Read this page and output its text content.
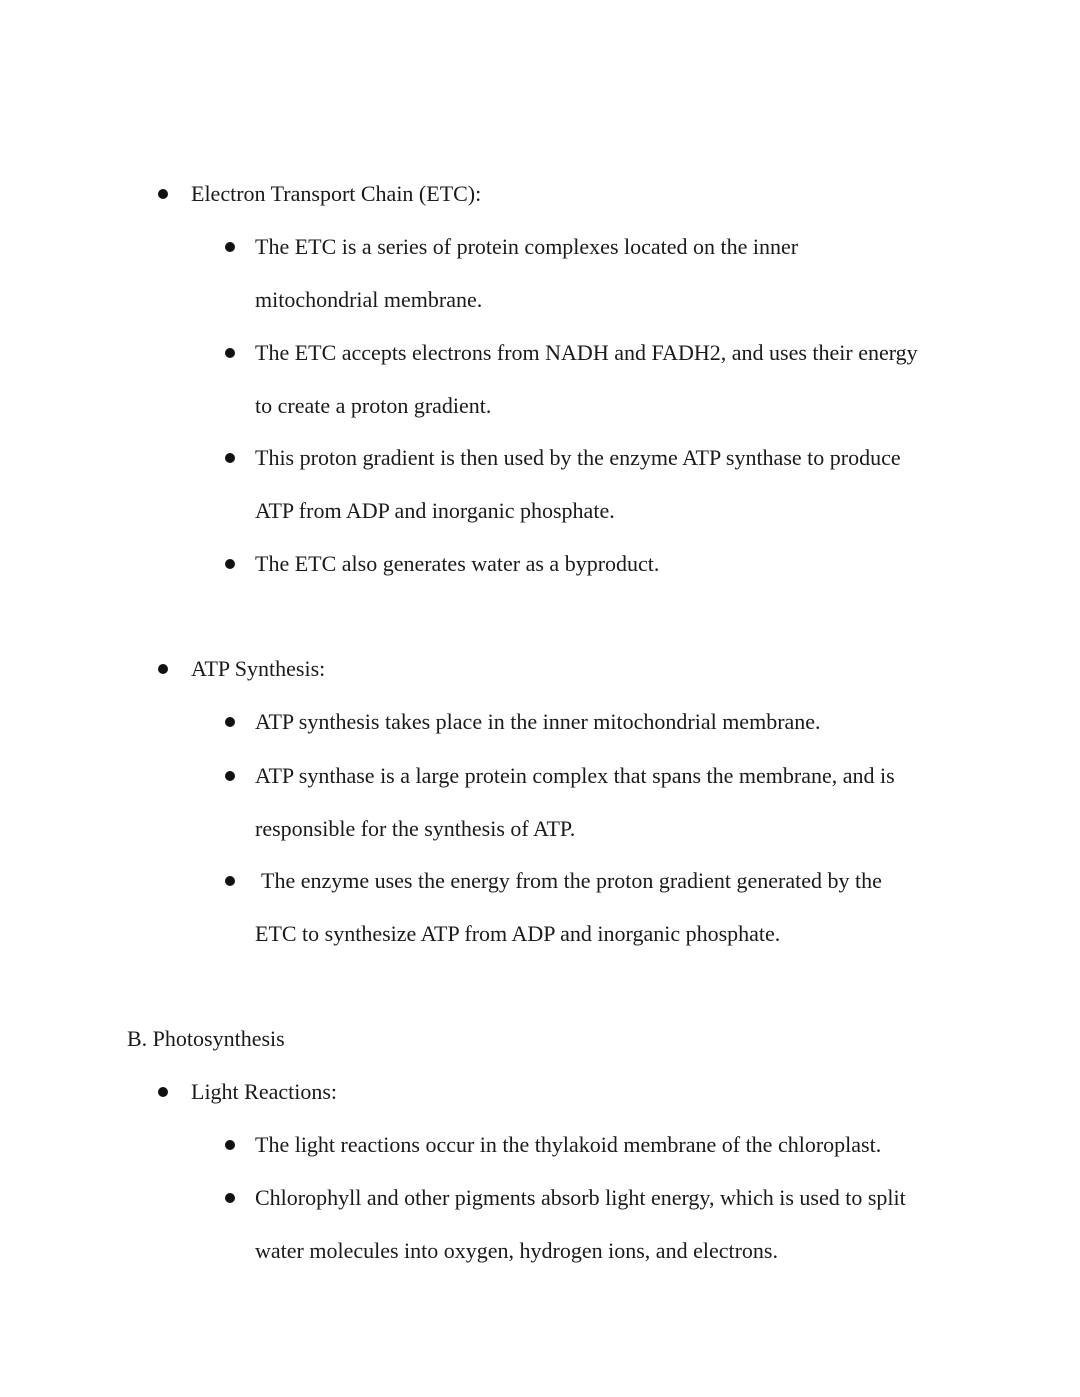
Electron Transport Chain (ETC):
The ETC is a series of protein complexes located on the inner
mitochondrial membrane.
The ETC accepts electrons from NADH and FADH2, and uses their energy
to create a proton gradient.
This proton gradient is then used by the enzyme ATP synthase to produce
ATP from ADP and inorganic phosphate.
The ETC also generates water as a byproduct.
ATP Synthesis:
ATP synthesis takes place in the inner mitochondrial membrane.
ATP synthase is a large protein complex that spans the membrane, and is
responsible for the synthesis of ATP.
The enzyme uses the energy from the proton gradient generated by the
ETC to synthesize ATP from ADP and inorganic phosphate.
B. Photosynthesis
Light Reactions:
The light reactions occur in the thylakoid membrane of the chloroplast.
Chlorophyll and other pigments absorb light energy, which is used to split
water molecules into oxygen, hydrogen ions, and electrons.
